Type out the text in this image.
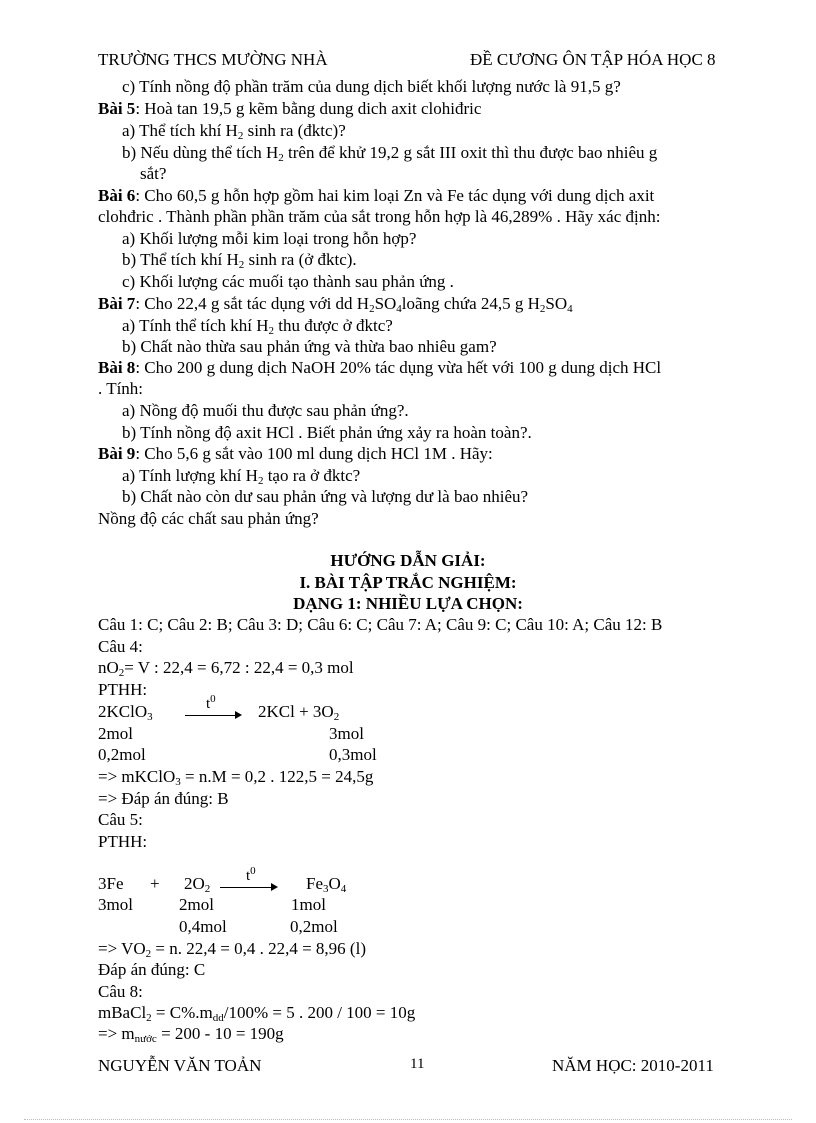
TRƯỜNG THCS MƯỜNG NHÀ	ĐỀ CƯƠNG ÔN TẬP HÓA HỌC 8
c) Tính nồng độ phần trăm của dung dịch biết khối lượng nước là 91,5 g?
Bài 5: Hoà tan 19,5 g kẽm bằng dung dich axit clohiđric
a) Thể tích khí $H_2$ sinh ra (đktc)?
b) Nếu dùng thể tích $H_2$ trên để khử 19,2 g sắt III oxit thì thu được bao nhiêu g
sắt?
Bài 6: Cho 60,5 g hỗn hợp gồm hai kim loại Zn và Fe tác dụng với dung dịch axit
clohđric . Thành phần phần trăm của sắt trong hỗn hợp là 46,289% . Hãy xác định:
a) Khối lượng mỗi kim loại trong hỗn hợp?
b) Thể tích khí $H_2$ sinh ra (ở đktc).
c) Khối lượng các muối tạo thành sau phản ứng .
Bài 7: Cho 22,4 g sắt tác dụng với dd $H_2SO_4loãng$ chứa 24,5 g $H_2SO_4$
a) Tính thể tích khí $H_2$ thu được ở đktc?
b) Chất nào thừa sau phản ứng và thừa bao nhiêu gam?
Bài 8: Cho 200 g dung dịch NaOH 20% tác dụng vừa hết với 100 g dung dịch HCl
. Tính:
a) Nồng độ muối thu được sau phản ứng?.
b) Tính nồng độ axit HCl . Biết phản ứng xảy ra hoàn toàn?.
Bài 9: Cho 5,6 g sắt vào 100 ml dung dịch HCl 1M . Hãy:
a) Tính lượng khí $H_2$ tạo ra ở đktc?
b) Chất nào còn dư sau phản ứng và lượng dư là bao nhiêu?
Nồng độ các chất sau phản ứng?
HƯỚNG DẪN GIẢI:
I. BÀI TẬP TRẮC NGHIỆM:
DẠNG 1: NHIỀU LỰA CHỌN:
Câu 1: C; Câu 2: B; Câu 3: D; Câu 6: C; Câu 7: A; Câu 9: C; Câu 10: A; Câu 12: B
Câu 4:
$nO_2= V$ : 22,4 = 6,72 : 22,4 = 0,3 mol
PTHH:
2KClO$_3$
$t^0$
→ $2KCl + 3O_2$
2mol	3mol
0,2mol	0,3mol
=> mKClO$_3$ = n.M = 0,2 . 122,5 = 24,5g
=> Đáp án đúng: B
Câu 5:
PTHH:
$3Fe + 2O_2$
$t^0$
$Fe_3O_4$
3mol	2mol	1mol
0,4mol	0,2mol
=> $VO_2 = n$. 22,4 = 0,4 . 22,4 = 8,96 (l)
Đáp án đúng: C
Câu 8:
mBaCl$_2$ = $C\%.m_{dd}/100\% = 5$ . 200 / 100 = 10g
=> $m_{nước} = 200 - 10 = 190g$
NGUYỄN VĂN TOẢN	11	NĂM HỌC: 2010-2011
